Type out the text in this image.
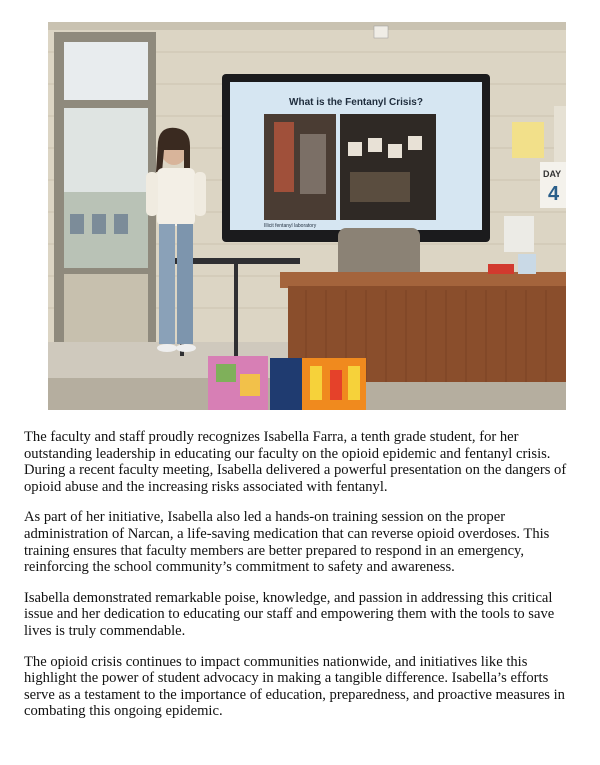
What is the Fentanyl Crisis?
Illicit fentanyl laboratory
DAY
4

The faculty and staff proudly recognizes Isabella Farra, a tenth grade student, for her outstanding leadership in educating our faculty on the opioid epidemic and fentanyl crisis. During a recent faculty meeting, Isabella delivered a powerful presentation on the dangers of opioid abuse and the increasing risks associated with fentanyl.

As part of her initiative, Isabella also led a hands-on training session on the proper administration of Narcan, a life-saving medication that can reverse opioid overdoses. This training ensures that faculty members are better prepared to respond in an emergency, reinforcing the school community’s commitment to safety and awareness.

Isabella demonstrated remarkable poise, knowledge, and passion in addressing this critical issue and her dedication to educating our staff and empowering them with the tools to save lives is truly commendable.

The opioid crisis continues to impact communities nationwide, and initiatives like this highlight the power of student advocacy in making a tangible difference. Isabella’s efforts serve as a testament to the importance of education, preparedness, and proactive measures in combating this ongoing epidemic.
